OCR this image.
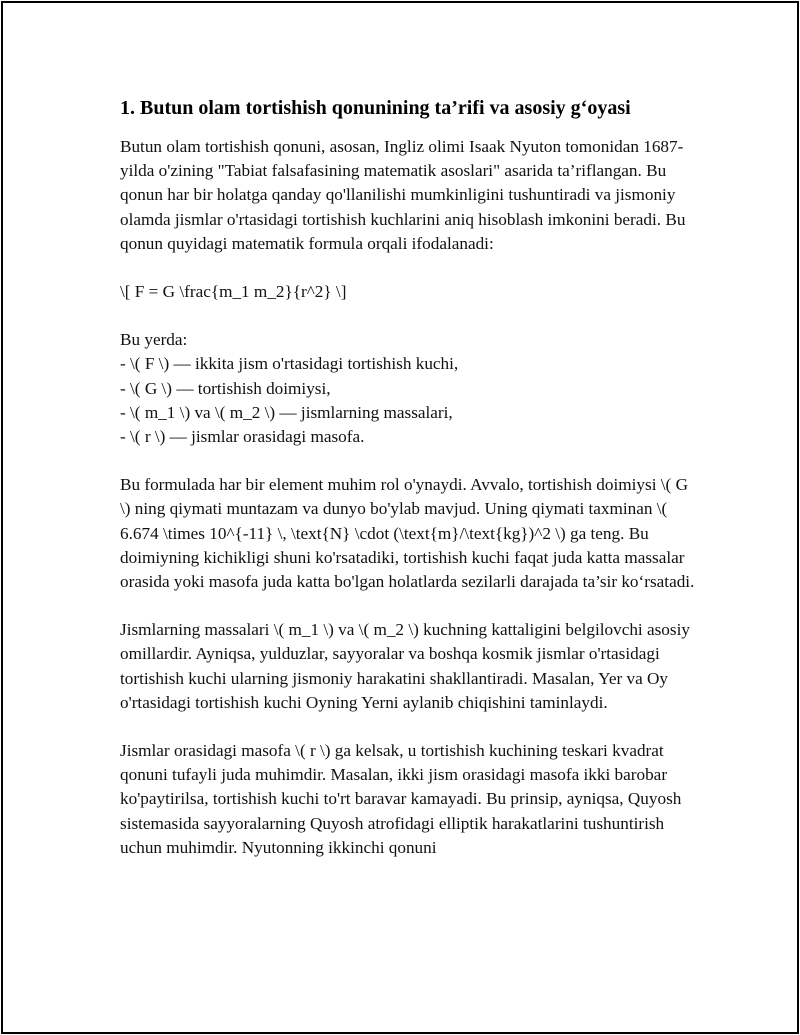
1. Butun olam tortishish qonunining ta’rifi va asosiy g‘oyasi

Butun olam tortishish qonuni, asosan, Ingliz olimi Isaak Nyuton tomonidan 1687-yilda o'zining "Tabiat falsafasining matematik asoslari" asarida ta’riflangan. Bu qonun har bir holatga qanday qo'llanilishi mumkinligini tushuntiradi va jismoniy olamda jismlar o'rtasidagi tortishish kuchlarini aniq hisoblash imkonini beradi. Bu qonun quyidagi matematik formula orqali ifodalanadi:

\[ F = G \frac{m_1 m_2}{r^2} \]

Bu yerda:
- \( F \) — ikkita jism o'rtasidagi tortishish kuchi,
- \( G \) — tortishish doimiysi,
- \( m_1 \) va \( m_2 \) — jismlarning massalari,
- \( r \) — jismlar orasidagi masofa.

Bu formulada har bir element muhim rol o'ynaydi. Avvalo, tortishish doimiysi \( G \) ning qiymati muntazam va dunyo bo'ylab mavjud. Uning qiymati taxminan \( 6.674 \times 10^{-11} \, \text{N} \cdot (\text{m}/\text{kg})^2 \) ga teng. Bu doimiyning kichikligi shuni ko'rsatadiki, tortishish kuchi faqat juda katta massalar orasida yoki masofa juda katta bo'lgan holatlarda sezilarli darajada ta’sir ko‘rsatadi.

Jismlarning massalari \( m_1 \) va \( m_2 \) kuchning kattaligini belgilovchi asosiy omillardir. Ayniqsa, yulduzlar, sayyoralar va boshqa kosmik jismlar o'rtasidagi tortishish kuchi ularning jismoniy harakatini shakllantiradi. Masalan, Yer va Oy o'rtasidagi tortishish kuchi Oyning Yerni aylanib chiqishini taminlaydi.

Jismlar orasidagi masofa \( r \) ga kelsak, u tortishish kuchining teskari kvadrat qonuni tufayli juda muhimdir. Masalan, ikki jism orasidagi masofa ikki barobar ko'paytirilsa, tortishish kuchi to'rt baravar kamayadi. Bu prinsip, ayniqsa, Quyosh sistemasida sayyoralarning Quyosh atrofidagi elliptik harakatlarini tushuntirish uchun muhimdir. Nyutonning ikkinchi qonuni
